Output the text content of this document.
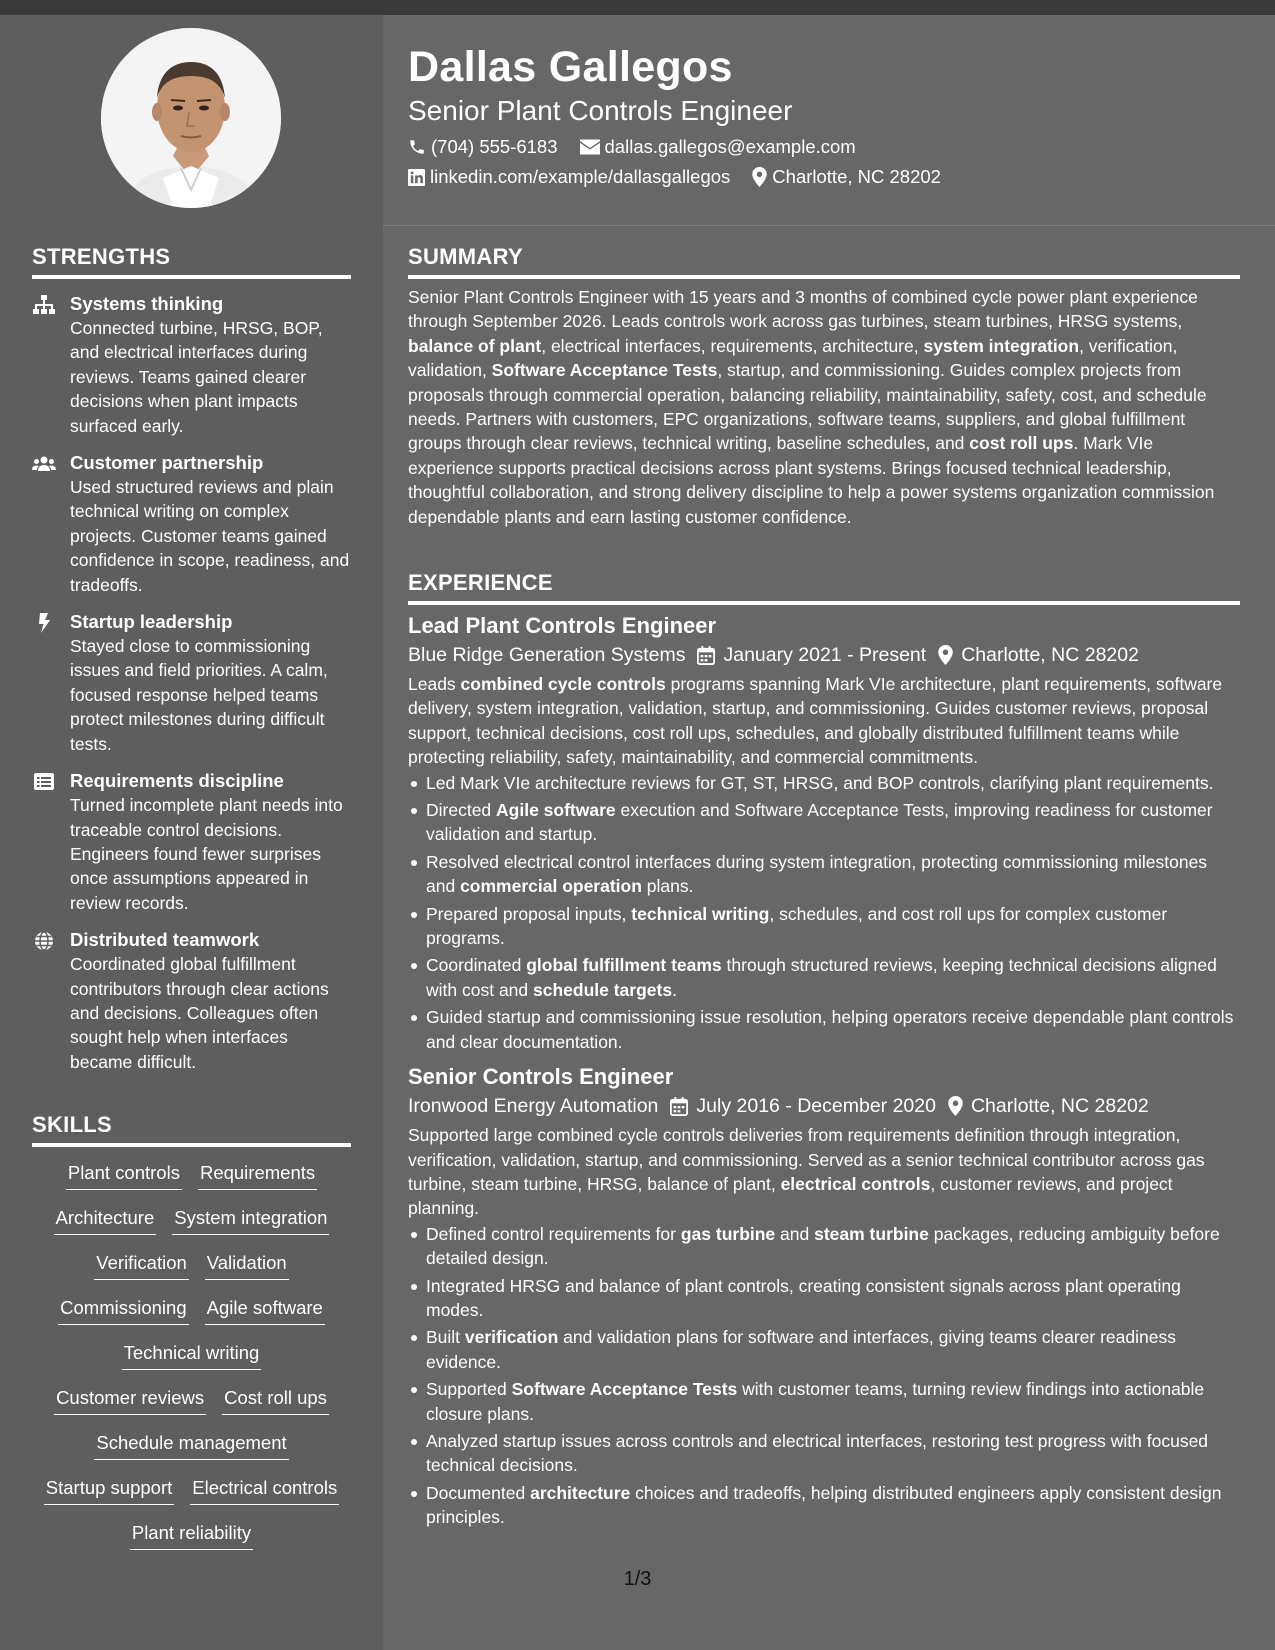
STRENGTHS
Systems thinking
Connected turbine, HRSG, BOP, and electrical interfaces during reviews. Teams gained clearer decisions when plant impacts surfaced early.
Customer partnership
Used structured reviews and plain technical writing on complex projects. Customer teams gained confidence in scope, readiness, and tradeoffs.
Startup leadership
Stayed close to commissioning issues and field priorities. A calm, focused response helped teams protect milestones during difficult tests.
Requirements discipline
Turned incomplete plant needs into traceable control decisions. Engineers found fewer surprises once assumptions appeared in review records.
Distributed teamwork
Coordinated global fulfillment contributors through clear actions and decisions. Colleagues often sought help when interfaces became difficult.
SKILLS
Plant controls Requirements
Architecture System integration
Verification Validation
Commissioning Agile software
Technical writing
Customer reviews Cost roll ups
Schedule management
Startup support Electrical controls
Plant reliability
Dallas Gallegos
Senior Plant Controls Engineer
(704) 555-6183	dallas.gallegos@example.com
linkedin.com/example/dallasgallegos Charlotte, NC 28202
SUMMARY
Senior Plant Controls Engineer with 15 years and 3 months of combined cycle power plant experience through September 2026. Leads controls work across gas turbines, steam turbines, HRSG systems, balance of plant, electrical interfaces, requirements, architecture, system integration, verification, validation, Software Acceptance Tests, startup, and commissioning. Guides complex projects from proposals through commercial operation, balancing reliability, maintainability, safety, cost, and schedule needs. Partners with customers, EPC organizations, software teams, suppliers, and global fulfillment groups through clear reviews, technical writing, baseline schedules, and cost roll ups. Mark VIe experience supports practical decisions across plant systems. Brings focused technical leadership, thoughtful collaboration, and strong delivery discipline to help a power systems organization commission dependable plants and earn lasting customer confidence.
EXPERIENCE
Lead Plant Controls Engineer
Blue Ridge Generation Systems January 2021 - Present Charlotte, NC 28202
Leads combined cycle controls programs spanning Mark VIe architecture, plant requirements, software delivery, system integration, validation, startup, and commissioning. Guides customer reviews, proposal support, technical decisions, cost roll ups, schedules, and globally distributed fulfillment teams while protecting reliability, safety, maintainability, and commercial commitments.
Led Mark VIe architecture reviews for GT, ST, HRSG, and BOP controls, clarifying plant requirements.
Directed Agile software execution and Software Acceptance Tests, improving readiness for customer validation and startup.
Resolved electrical control interfaces during system integration, protecting commissioning milestones and commercial operation plans.
Prepared proposal inputs, technical writing, schedules, and cost roll ups for complex customer programs.
Coordinated global fulfillment teams through structured reviews, keeping technical decisions aligned with cost and schedule targets.
Guided startup and commissioning issue resolution, helping operators receive dependable plant controls and clear documentation.
Senior Controls Engineer
Ironwood Energy Automation July 2016 - December 2020 Charlotte, NC 28202
Supported large combined cycle controls deliveries from requirements definition through integration, verification, validation, startup, and commissioning. Served as a senior technical contributor across gas turbine, steam turbine, HRSG, balance of plant, electrical controls, customer reviews, and project planning.
Defined control requirements for gas turbine and steam turbine packages, reducing ambiguity before detailed design.
Integrated HRSG and balance of plant controls, creating consistent signals across plant operating modes.
Built verification and validation plans for software and interfaces, giving teams clearer readiness evidence.
Supported Software Acceptance Tests with customer teams, turning review findings into actionable closure plans.
Analyzed startup issues across controls and electrical interfaces, restoring test progress with focused technical decisions.
Documented architecture choices and tradeoffs, helping distributed engineers apply consistent design principles.
1/3
